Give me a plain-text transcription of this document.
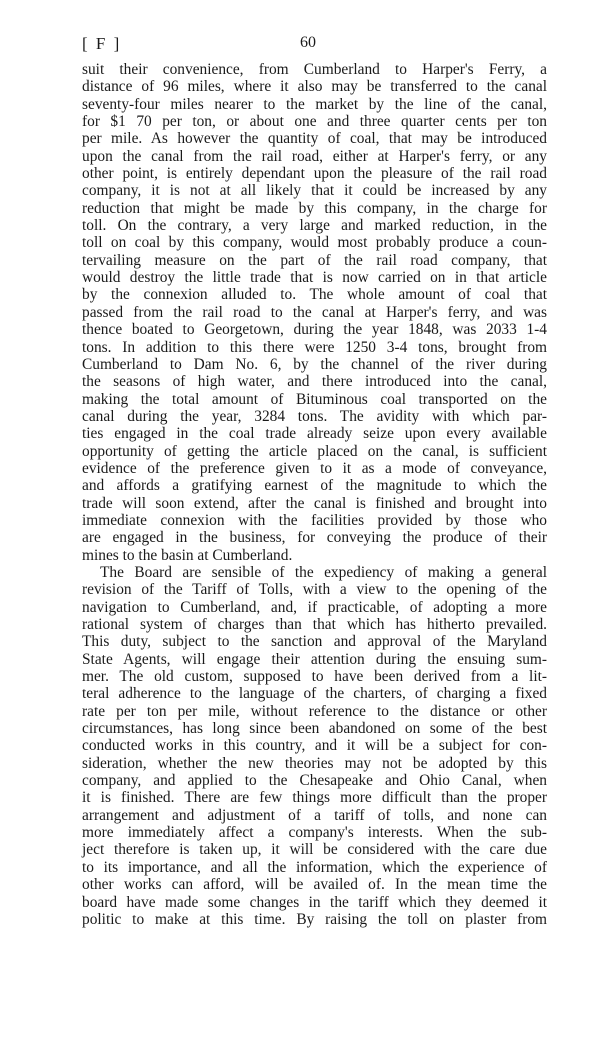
[ F ]	60
suit their convenience, from Cumberland to Harper's Ferry, a
distance of 96 miles, where it also may be transferred to the canal
seventy-four miles nearer to the market by the line of the canal,
for $1 70 per ton, or about one and three quarter cents per ton
per mile. As however the quantity of coal, that may be introduced
upon the canal from the rail road, either at Harper's ferry, or any
other point, is entirely dependant upon the pleasure of the rail road
company, it is not at all likely that it could be increased by any
reduction that might be made by this company, in the charge for
toll. On the contrary, a very large and marked reduction, in the
toll on coal by this company, would most probably produce a coun-
tervailing measure on the part of the rail road company, that
would destroy the little trade that is now carried on in that article
by the connexion alluded to. The whole amount of coal that
passed from the rail road to the canal at Harper's ferry, and was
thence boated to Georgetown, during the year 1848, was 2033 1-4
tons. In addition to this there were 1250 3-4 tons, brought from
Cumberland to Dam No. 6, by the channel of the river during
the seasons of high water, and there introduced into the canal,
making the total amount of Bituminous coal transported on the
canal during the year, 3284 tons. The avidity with which par-
ties engaged in the coal trade already seize upon every available
opportunity of getting the article placed on the canal, is sufficient
evidence of the preference given to it as a mode of conveyance,
and affords a gratifying earnest of the magnitude to which the
trade will soon extend, after the canal is finished and brought into
immediate connexion with the facilities provided by those who
are engaged in the business, for conveying the produce of their
mines to the basin at Cumberland.
The Board are sensible of the expediency of making a general
revision of the Tariff of Tolls, with a view to the opening of the
navigation to Cumberland, and, if practicable, of adopting a more
rational system of charges than that which has hitherto prevailed.
This duty, subject to the sanction and approval of the Maryland
State Agents, will engage their attention during the ensuing sum-
mer. The old custom, supposed to have been derived from a lit-
teral adherence to the language of the charters, of charging a fixed
rate per ton per mile, without reference to the distance or other
circumstances, has long since been abandoned on some of the best
conducted works in this country, and it will be a subject for con-
sideration, whether the new theories may not be adopted by this
company, and applied to the Chesapeake and Ohio Canal, when
it is finished. There are few things more difficult than the proper
arrangement and adjustment of a tariff of tolls, and none can
more immediately affect a company's interests. When the sub-
ject therefore is taken up, it will be considered with the care due
to its importance, and all the information, which the experience of
other works can afford, will be availed of. In the mean time the
board have made some changes in the tariff which they deemed it
politic to make at this time. By raising the toll on plaster from
